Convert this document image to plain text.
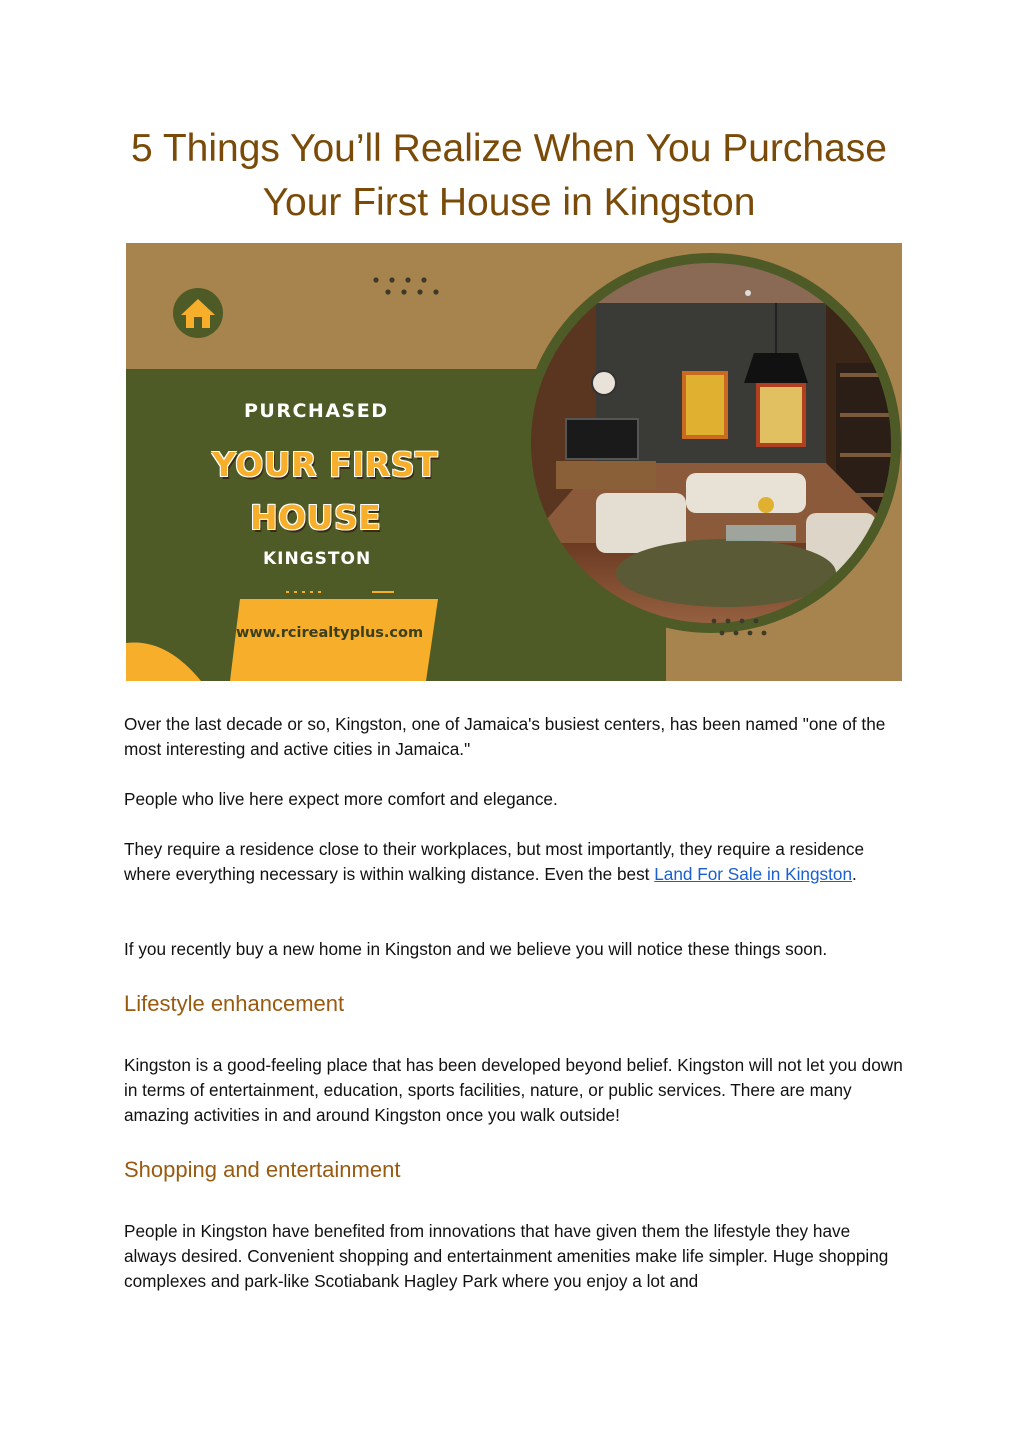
5 Things You’ll Realize When You Purchase
Your First House in Kingston
PURCHASED
YOUR FIRST
HOUSE
KINGSTON
www.rcirealtyplus.com

Over the last decade or so, Kingston, one of Jamaica's busiest centers, has been named "one of the most interesting and active cities in Jamaica."

People who live here expect more comfort and elegance.

They require a residence close to their workplaces, but most importantly, they require a residence where everything necessary is within walking distance. Even the best Land For Sale in Kingston.

If you recently buy a new home in Kingston and we believe you will notice these things soon.

Lifestyle enhancement

Kingston is a good-feeling place that has been developed beyond belief. Kingston will not let you down in terms of entertainment, education, sports facilities, nature, or public services. There are many amazing activities in and around Kingston once you walk outside!

Shopping and entertainment

People in Kingston have benefited from innovations that have given them the lifestyle they have always desired. Convenient shopping and entertainment amenities make life simpler. Huge shopping complexes and park-like Scotiabank Hagley Park where you enjoy a lot and
